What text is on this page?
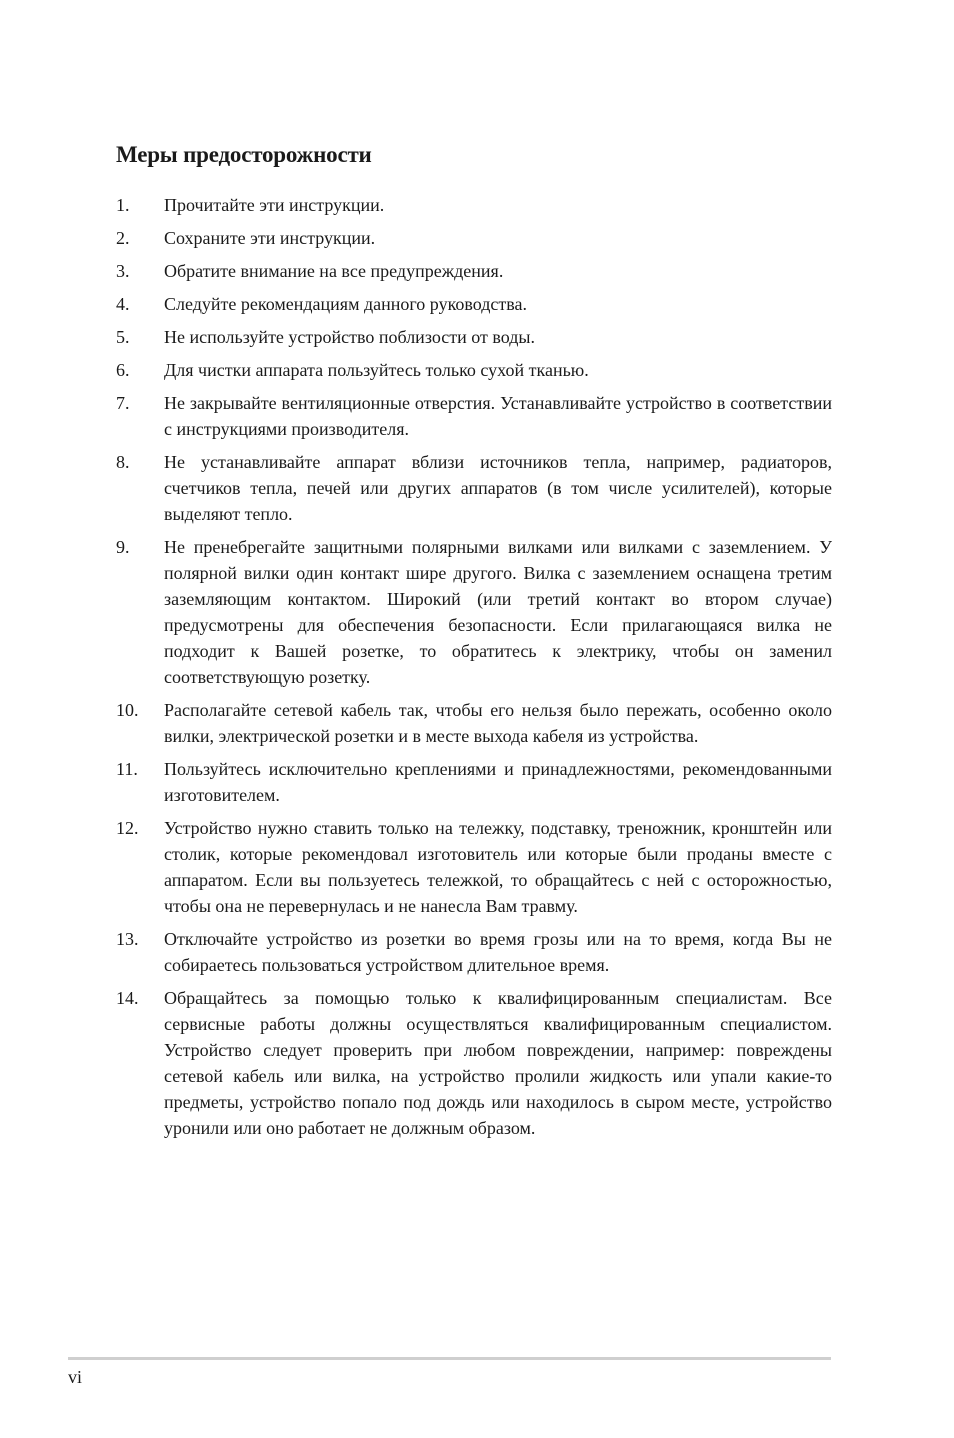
Меры предосторожности
1.	Прочитайте эти инструкции.
2.	Сохраните эти инструкции.
3.	Обратите внимание на все предупреждения.
4.	Следуйте рекомендациям данного руководства.
5.	Не используйте устройство поблизости от воды.
6.	Для чистки аппарата пользуйтесь только сухой тканью.
7.	Не закрывайте вентиляционные отверстия. Устанавливайте устройство в соответствии с инструкциями производителя.
8.	Не устанавливайте аппарат вблизи источников тепла, например, радиаторов, счетчиков тепла, печей или других аппаратов (в том числе усилителей), которые выделяют тепло.
9.	Не пренебрегайте защитными полярными вилками или вилками с заземлением. У полярной вилки один контакт шире другого. Вилка с заземлением оснащена третим заземляющим контактом. Широкий (или третий контакт во втором случае) предусмотрены для обеспечения безопасности. Если прилагающаяся вилка не подходит к Вашей розетке, то обратитесь к электрику, чтобы он заменил соответствующую розетку.
10.	Располагайте сетевой кабель так, чтобы его нельзя было пережать, особенно около вилки, электрической розетки и в месте выхода кабеля из устройства.
11.	Пользуйтесь исключительно креплениями и принадлежностями, рекомендованными изготовителем.
12.	Устройство нужно ставить только на тележку, подставку, треножник, кронштейн или столик, которые рекомендовал изготовитель или которые были проданы вместе с аппаратом. Если вы пользуетесь тележкой, то обращайтесь с ней с осторожностью, чтобы она не перевернулась и не нанесла Вам травму.
13.	Отключайте устройство из розетки во время грозы или на то время, когда Вы не собираетесь пользоваться устройством длительное время.
14.	Обращайтесь за помощью только к квалифицированным специалистам. Все сервисные работы должны осуществляться квалифицированным специалистом. Устройство следует проверить при любом повреждении, например: повреждены сетевой кабель или вилка, на устройство пролили жидкость или упали какие-то предметы, устройство попало под дождь или находилось в сыром месте, устройство уронили или оно работает не должным образом.
vi
